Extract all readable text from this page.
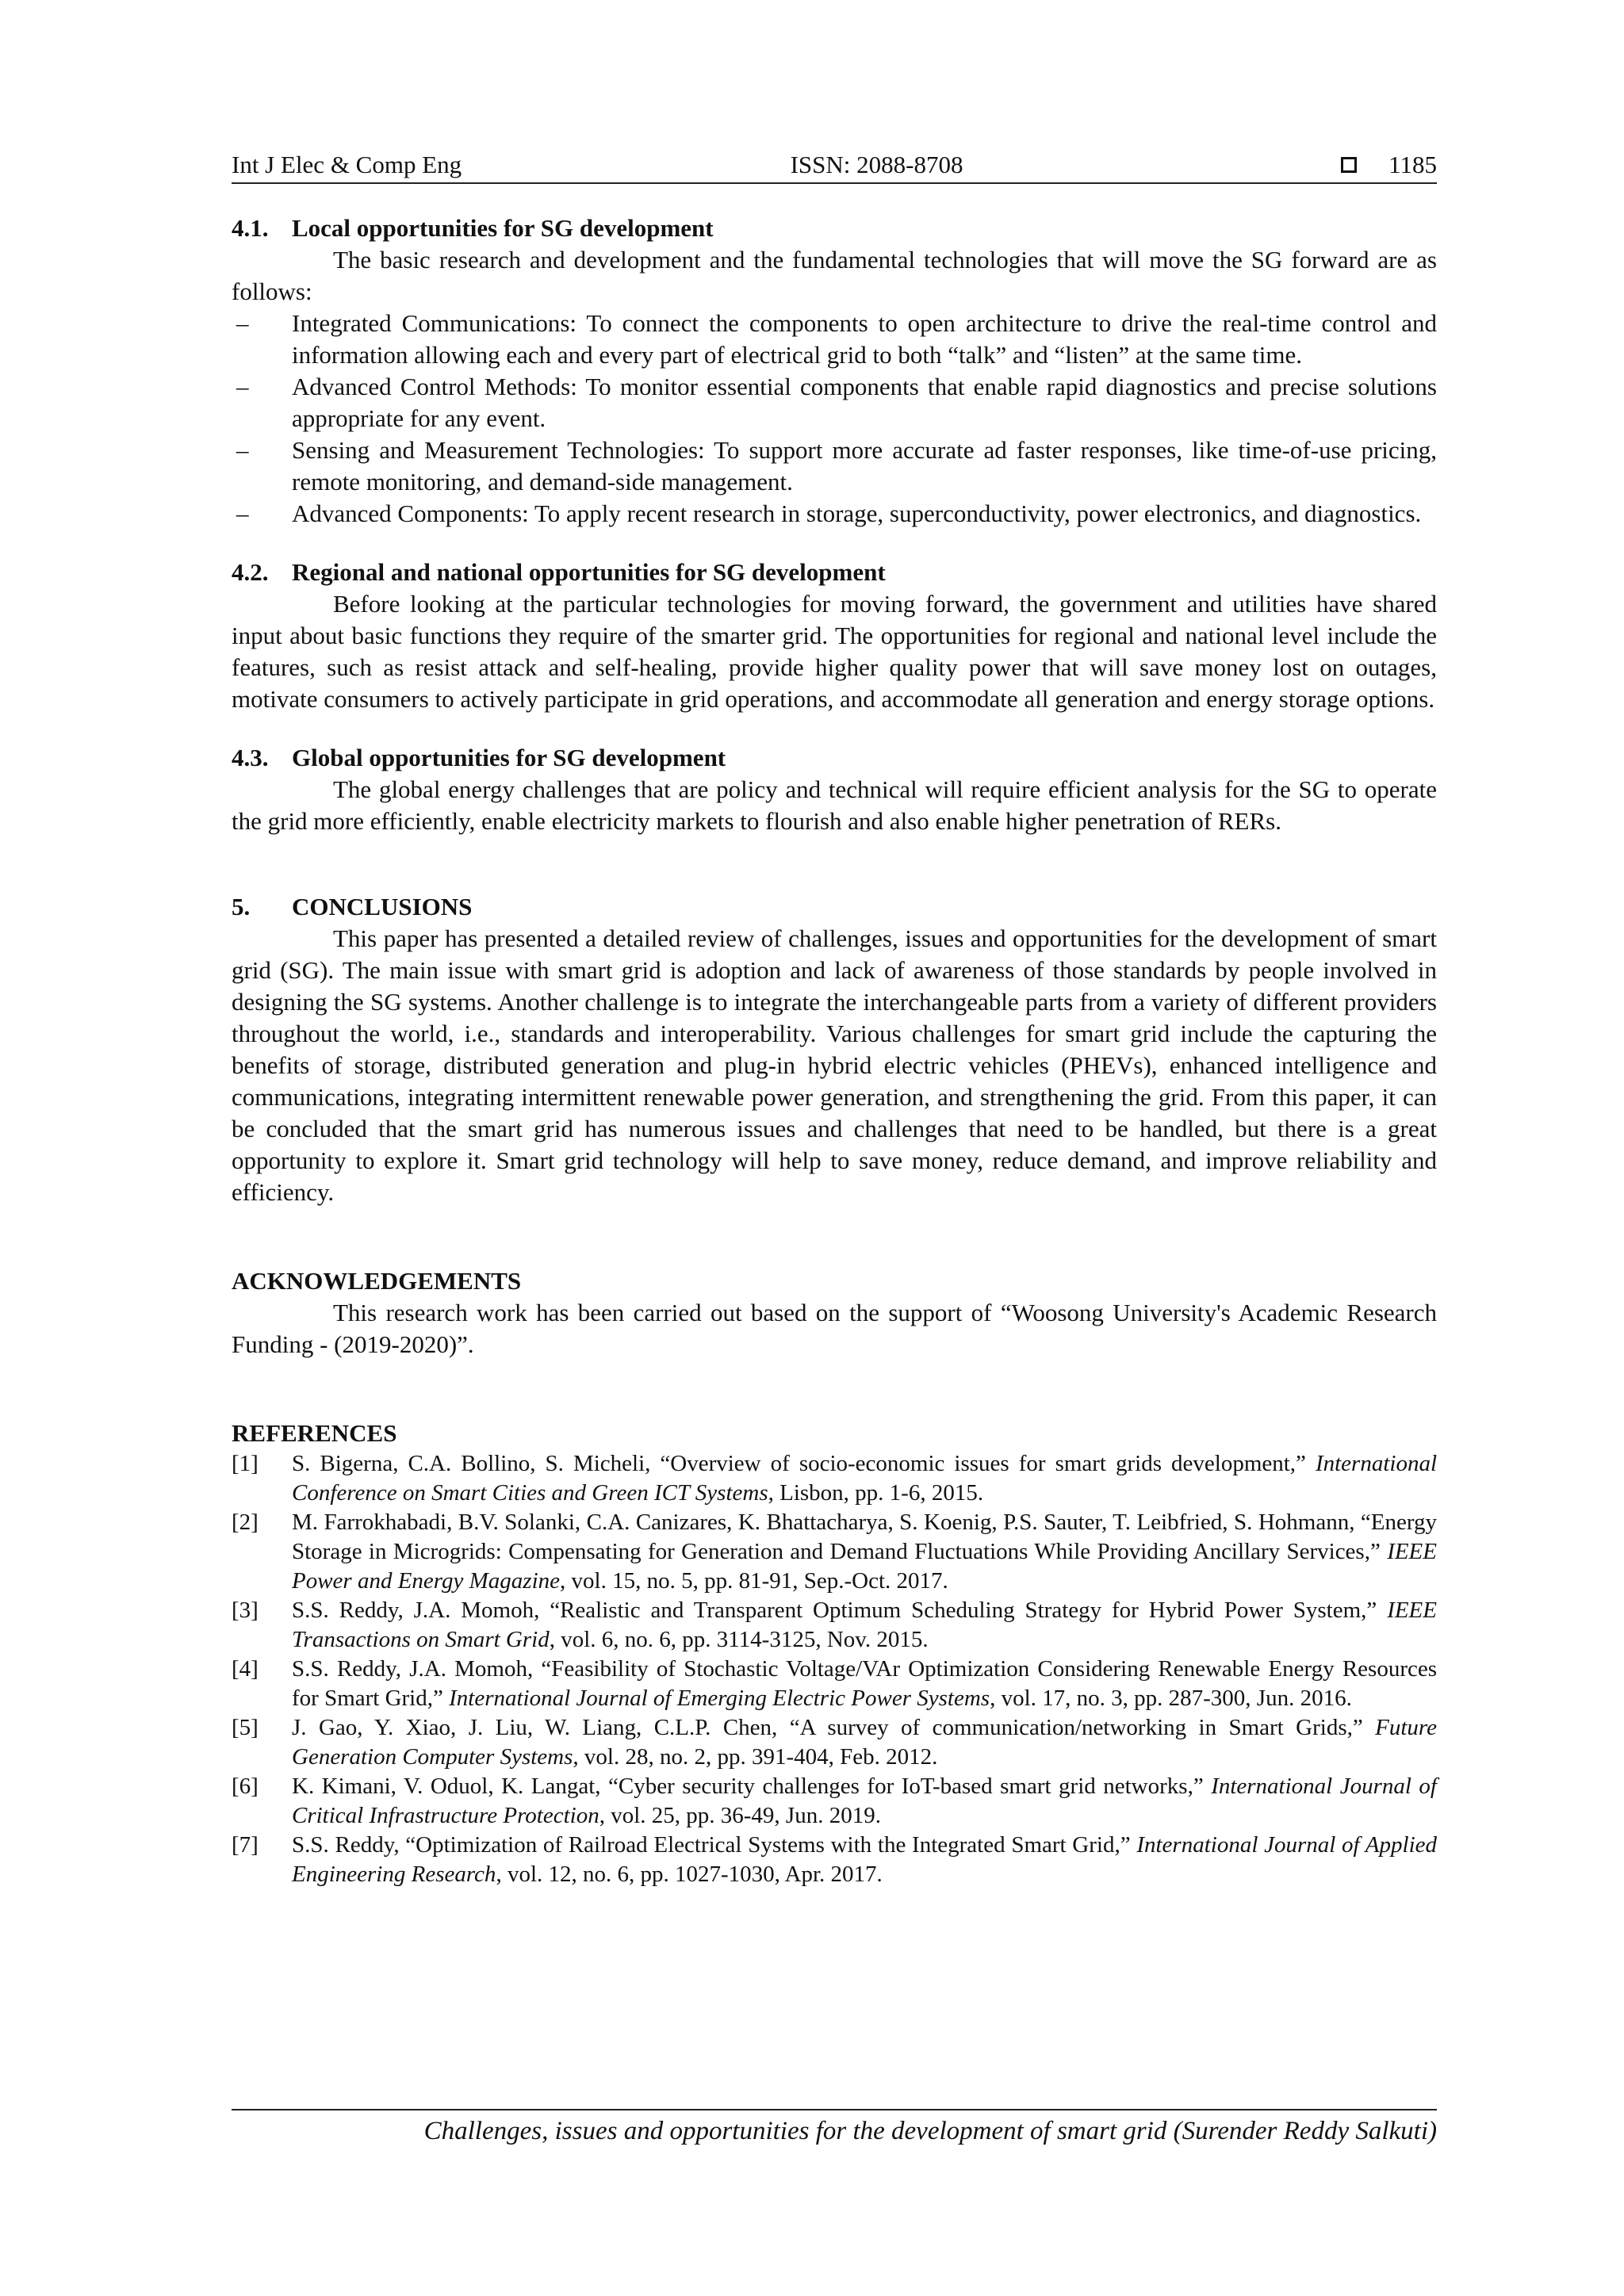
Int J Elec & Comp Eng	ISSN: 2088-8708	1185
4.1. Local opportunities for SG development

The basic research and development and the fundamental technologies that will move the SG forward are as follows:

– Integrated Communications: To connect the components to open architecture to drive the real-time control and information allowing each and every part of electrical grid to both “talk” and “listen” at the same time.
– Advanced Control Methods: To monitor essential components that enable rapid diagnostics and precise solutions appropriate for any event.
– Sensing and Measurement Technologies: To support more accurate ad faster responses, like time-of-use pricing, remote monitoring, and demand-side management.
– Advanced Components: To apply recent research in storage, superconductivity, power electronics, and diagnostics.
4.2. Regional and national opportunities for SG development

Before looking at the particular technologies for moving forward, the government and utilities have shared input about basic functions they require of the smarter grid. The opportunities for regional and national level include the features, such as resist attack and self-healing, provide higher quality power that will save money lost on outages, motivate consumers to actively participate in grid operations, and accommodate all generation and energy storage options.

4.3. Global opportunities for SG development

The global energy challenges that are policy and technical will require efficient analysis for the SG to operate the grid more efficiently, enable electricity markets to flourish and also enable higher penetration of RERs.

5.	CONCLUSIONS

This paper has presented a detailed review of challenges, issues and opportunities for the development of smart grid (SG). The main issue with smart grid is adoption and lack of awareness of those standards by people involved in designing the SG systems. Another challenge is to integrate the interchangeable parts from a variety of different providers throughout the world, i.e., standards and interoperability. Various challenges for smart grid include the capturing the benefits of storage, distributed generation and plug-in hybrid electric vehicles (PHEVs), enhanced intelligence and communications, integrating intermittent renewable power generation, and strengthening the grid. From this paper, it can be concluded that the smart grid has numerous issues and challenges that need to be handled, but there is a great opportunity to explore it. Smart grid technology will help to save money, reduce demand, and improve reliability and efficiency.

ACKNOWLEDGEMENTS

This research work has been carried out based on the support of “Woosong University's Academic Research Funding - (2019-2020)”.

REFERENCES
[1] S. Bigerna, C.A. Bollino, S. Micheli, “Overview of socio-economic issues for smart grids development,” International Conference on Smart Cities and Green ICT Systems, Lisbon, pp. 1-6, 2015.
[2] M. Farrokhabadi, B.V. Solanki, C.A. Canizares, K. Bhattacharya, S. Koenig, P.S. Sauter, T. Leibfried, S. Hohmann, “Energy Storage in Microgrids: Compensating for Generation and Demand Fluctuations While Providing Ancillary Services,” IEEE Power and Energy Magazine, vol. 15, no. 5, pp. 81-91, Sep.-Oct. 2017.
[3] S.S. Reddy, J.A. Momoh, “Realistic and Transparent Optimum Scheduling Strategy for Hybrid Power System,” IEEE Transactions on Smart Grid, vol. 6, no. 6, pp. 3114-3125, Nov. 2015.
[4] S.S. Reddy, J.A. Momoh, “Feasibility of Stochastic Voltage/VAr Optimization Considering Renewable Energy Resources for Smart Grid,” International Journal of Emerging Electric Power Systems, vol. 17, no. 3, pp. 287-300, Jun. 2016.
[5] J. Gao, Y. Xiao, J. Liu, W. Liang, C.L.P. Chen, “A survey of communication/networking in Smart Grids,” Future Generation Computer Systems, vol. 28, no. 2, pp. 391-404, Feb. 2012.
[6] K. Kimani, V. Oduol, K. Langat, “Cyber security challenges for IoT-based smart grid networks,” International Journal of Critical Infrastructure Protection, vol. 25, pp. 36-49, Jun. 2019.
[7] S.S. Reddy, “Optimization of Railroad Electrical Systems with the Integrated Smart Grid,” International Journal of Applied Engineering Research, vol. 12, no. 6, pp. 1027-1030, Apr. 2017.
Challenges, issues and opportunities for the development of smart grid (Surender Reddy Salkuti)
